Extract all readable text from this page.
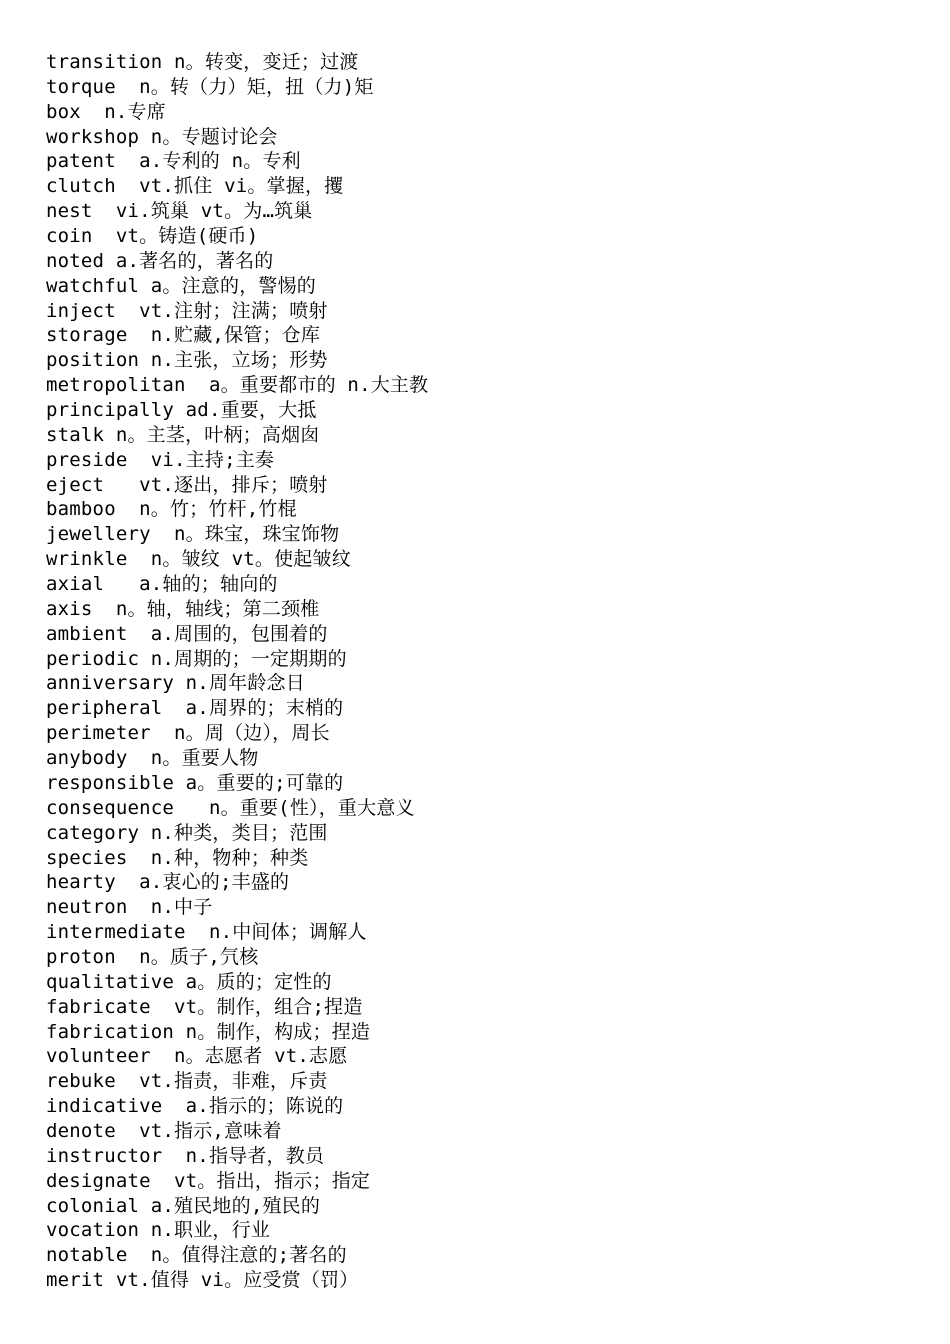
transition n。转变，变迁；过渡
torque  n。转（力）矩，扭（力)矩
box  n.专席
workshop n。专题讨论会
patent  a.专利的 n。专利
clutch  vt.抓住 vi。掌握，攫
nest  vi.筑巢 vt。为…筑巢
coin  vt。铸造(硬币)
noted a.著名的，著名的
watchful a。注意的，警惕的
inject  vt.注射；注满；喷射
storage  n.贮藏,保管；仓库
position n.主张，立场；形势
metropolitan  a。重要都市的 n.大主教
principally ad.重要，大抵
stalk n。主茎，叶柄；高烟囱
preside  vi.主持;主奏
eject   vt.逐出，排斥；喷射
bamboo  n。竹；竹杆,竹棍
jewellery  n。珠宝，珠宝饰物
wrinkle  n。皱纹 vt。使起皱纹
axial   a.轴的；轴向的
axis  n。轴，轴线；第二颈椎
ambient  a.周围的，包围着的
periodic n.周期的；一定期期的
anniversary n.周年龄念日
peripheral  a.周界的；末梢的
perimeter  n。周（边），周长
anybody  n。重要人物
responsible a。重要的;可靠的
consequence   n。重要(性），重大意义
category n.种类，类目；范围
species  n.种，物种；种类
hearty  a.衷心的;丰盛的
neutron  n.中子
intermediate  n.中间体；调解人
proton  n。质子,氕核
qualitative a。质的；定性的
fabricate  vt。制作，组合;捏造
fabrication n。制作，构成；捏造
volunteer  n。志愿者 vt.志愿
rebuke  vt.指责，非难，斥责
indicative  a.指示的；陈说的
denote  vt.指示,意味着
instructor  n.指导者，教员
designate  vt。指出，指示；指定
colonial a.殖民地的,殖民的
vocation n.职业，行业
notable  n。值得注意的;著名的
merit vt.值得 vi。应受赏（罚）
